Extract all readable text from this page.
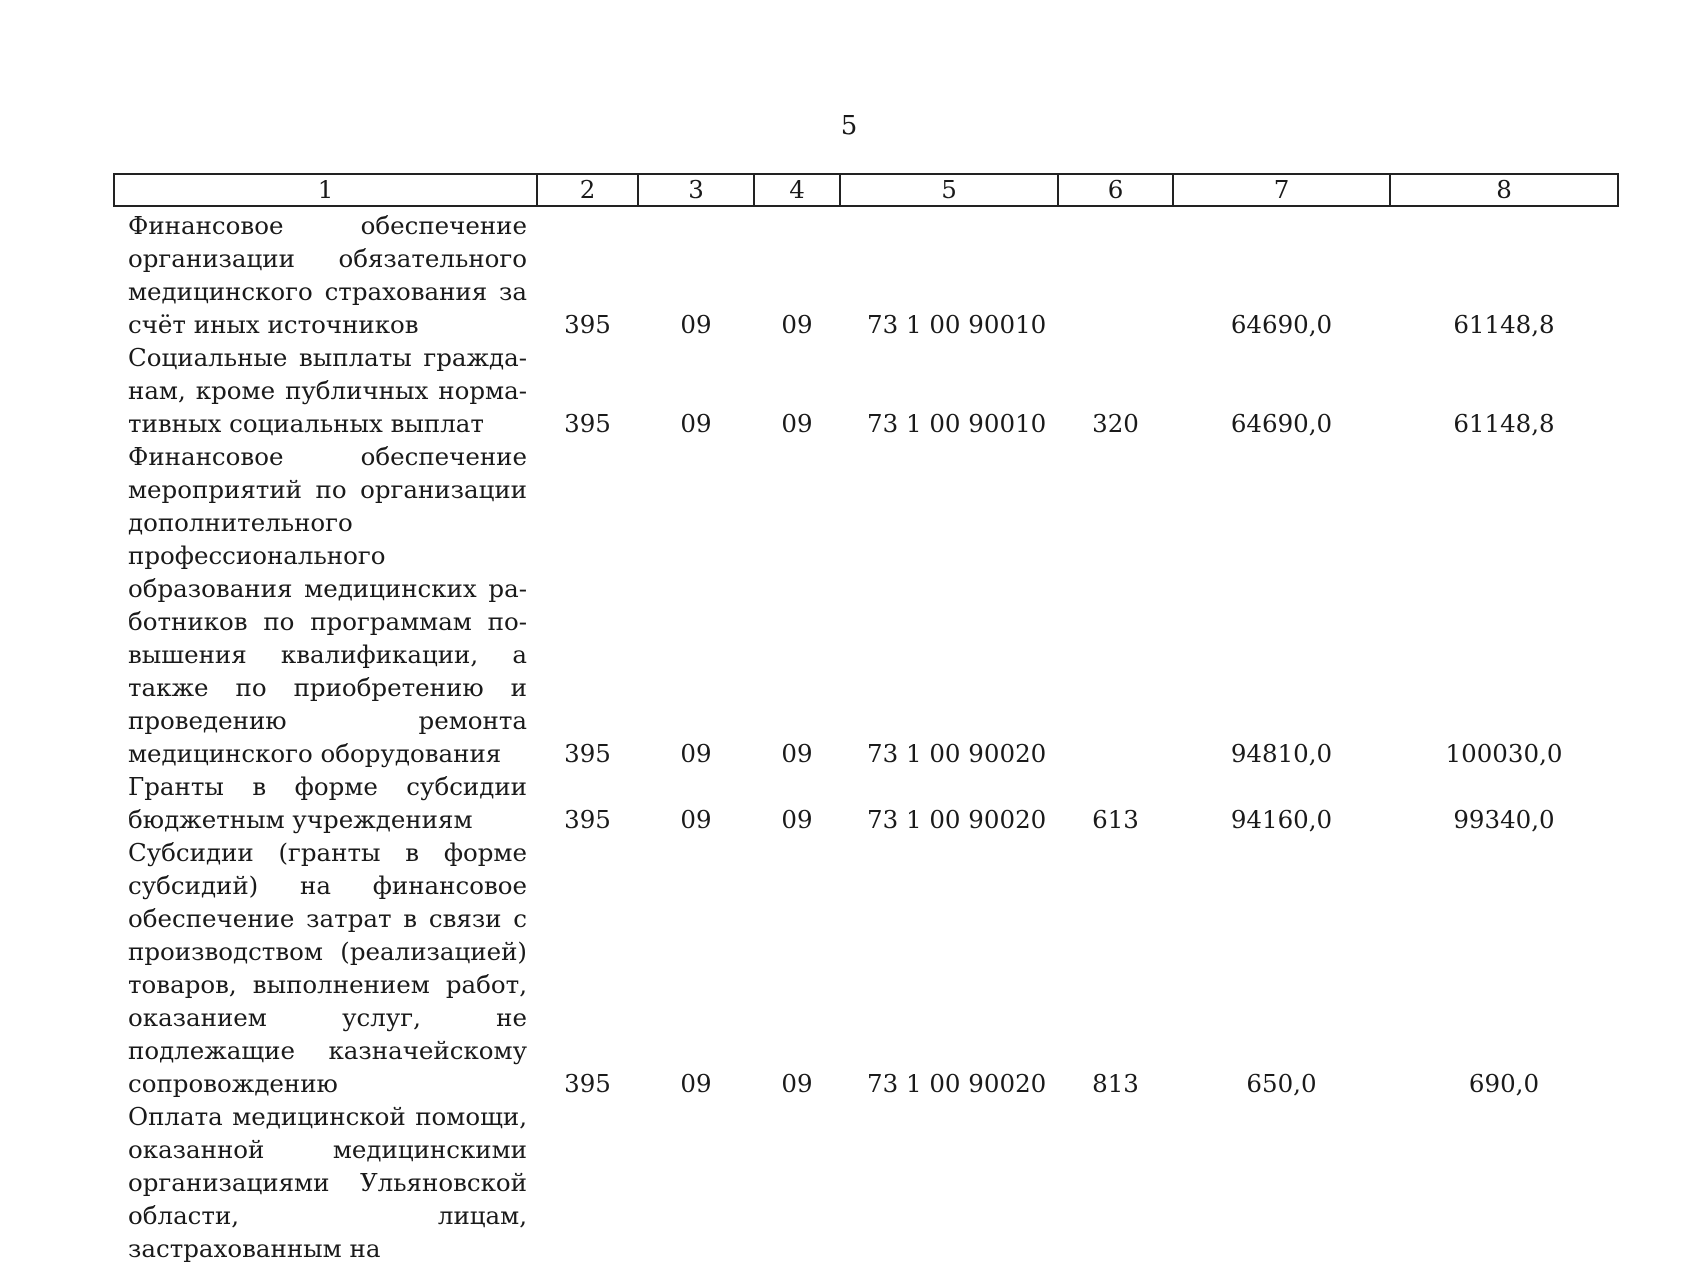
5
1	2	3	4	5	6	7	8
Финансовое обеспечение организации обязательного медицинского страхования за счёт иных источников	395	09	09	73 1 00 90010		64690,0	61148,8
Социальные выплаты гражданам, кроме публичных нормативных социальных выплат	395	09	09	73 1 00 90010	320	64690,0	61148,8
Финансовое обеспечение мероприятий по организации дополнительного профессионального образования медицинских работников по программам повышения квалификации, а также по приобретению и проведению ремонта медицинского оборудования	395	09	09	73 1 00 90020		94810,0	100030,0
Гранты в форме субсидии бюджетным учреждениям	395	09	09	73 1 00 90020	613	94160,0	99340,0
Субсидии (гранты в форме субсидий) на финансовое обеспечение затрат в связи с производством (реализацией) товаров, выполнением работ, оказанием услуг, не подлежащие казначейскому сопровождению	395	09	09	73 1 00 90020	813	650,0	690,0
Оплата медицинской помощи, оказанной медицинскими организациями Ульяновской области, лицам, застрахованным на							
